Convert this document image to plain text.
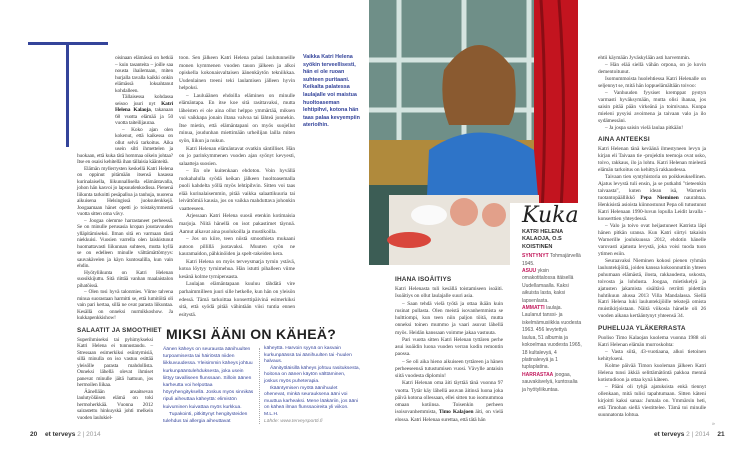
oisinaan elämässä on hetkiä – kuin tasanteita – joille saa nousta ihailemaan, miten hurjalla tavalla kaikki onkin elämässä loksahtanut kohdalleen.

Tällaisessa kohdassa seisoo juuri nyt Katri Helena Kalaoja, takanaan 68 vuotta elämää ja 50 vuotta taiteilijauraa.

– Koko ajan olen kokenut, että kaikessa on ollut selvä tarkoitus. Aika usein silti ihmettelen ja huokaan, että kuka tätä hommaa oikein johtaa? Itse en osaisi kehitellä ihan tällaisia käänteitä.

Elämän myllerrysten keskellä Katri Helena on oppinut pitämään itsensä kasassa kurinalaisella, liikunnallisella elämäntavalla, johon hän kasvoi jo lapsuudenkodissa. Pienenä liikunta tarkoitti pesäpalloa ja tanhuja, nuorena aikuisena Helsingissä juoksulenkkejä. Joogaamaan hänet opetti jo toistakymmentä vuotta sitten oma vävy.

– Joogaa olemme harrastaneet perheessä. Se on minulle perusasia kropan joustavuuden ylläpitämiseksi. Ilman sitä en varmaan tästä niekkuisi. Vuosien varrella olen laiskistunut huomattavasti liikunnan suhteen, mutta kyllä se on edelleen minulle välttämättömyys: sauvakävelen ja käyn kuntosalilla, kun vain ehdin.

Hyötyliikunta on Katri Helenan suosikkijuttu. Sitä riittää vanhan maalaistalon pihatöissä.

– Olen tosi hyvä talonmies. Viime talvena minua suorastaan harmitti se, että lumitöitä oli vain pari kertaa, sillä ne ovat parasta liikuntaa. Kesällä on onneksi nurmikkoshow. Ja kukkapenkkishow!

SALAATIT JA SMOOTHIET

Superihmiseksi tai pyhimykseksi Katri Helena ei tunnustaudu. – Stressaan esimerkiksi esiintymisiä, sillä minulla on iso vastuu esittää yleisölle parasta mahdollista. Onneksi lähellä olevat ihmiset panevat minulle jäitä hattuun, jos hermoilen liikaa.

Äänellään ansaitsevan laulutyöläisen elämä on toki hermoherkkää. Vuonna 2012 sairastettu hinkuyskä johti melkein vuoden laulukiel-

toon. Sen jälkeen Katri Helena palasi laulutunneille monen kymmenen vuoden tauon jälkeen ja alkoi opiskella kokonaisvaltaisen äänenkäytön tekniikkaa. Uudenlainen treeni teki laulamisen jälleen hyvin helpoksi.

– Lauluäänen ehdoilla eläminen on minulle elämäntapa. En itse koe sitä rasittavaksi, mutta läheisten ei ole aina ollut helppo ymmärtää, miksen voi vaikkapa jonain iltana valvoa tai lähteä jonnekin. Itse mietin, että elämäntapani on myös suojellut minua, joudunhan miettimään urheilijan lailla miten syön, liikun ja nukun.

Katri Helenan elämäntavat ovatkin säntilliset. Hän on jo parinkymmenen vuoden ajan syönyt kevyesti, salaatteja suosien.

– En ole kuitenkaan ehdoton. Voin hyvällä ruokahalulla syödä keikan jälkeen huoltoasemalla puoli kahdelta yöllä myös lehtipihvin. Sitten voi taas elää kurinalaisemmin, pitää vaikka salaattikuuria tai leivättömiä kausia, jos on vaikka mahduttava johonkin vaatteeseen.

Arjessaan Katri Helena suosii etenkin kotimaisia marjoja. Niitä hänellä on isot pakastimet täynnä. Aamut alkavat aina puolukoilla ja mustikoilla.

– Jos on kiire, teen niistä smoothieta mukaani autoon pillillä juotavaksi. Muuten syön ne kauramaidon, pähkinöiden ja spelt-rakeiden kera.

Katri Helena on myös terveysmarja tyrnin ystävä, kotoa löytyy tyrnimehua. Hän istutti pihalleen viime kesänä kolme tyrnipensasta.

Laulajan elämäntapaan kuuluu tähdätä vire parhaimmilleen juuri sille hetkelle, kun hän on yleisön edessä. Tämä tarkoittaa konserttipäivinä esimerkiksi sitä, että syödä pitää vähintään viisi tuntia ennen esitystä.

Vaikka Katri Helena syökin terveellisesti, hän ei ole ruoan suhteen puritaani. Keikalta palatessa laulajalle voi maistua huoltoaseman lehtipihvi, kotona hän taas palaa kevyempiin aterioihin.
MIKSI ÄÄNI ON KÄHEÄ?

Äänen käheys on seurausta äänihuulten turpoamisesta tai häiriöstä niiden liikkuvuudessa. Yleisimmin käheys johtuu kurkunpääntulehduksesta, joka usein liittyy tavalliseen flunssaan. Silloin äänen karheutta voi helpottaa höyryhengityksellä. Joskus myös sinnikäs ripuli aiheuttaa käheyttä: elimistön kuivuminen kuivattaa myös kurkkua.

Tupakointi, pitkittynyt hengitysteiden tulehdus tai allergia aiheuttavat

käheyttä. Harvoin syynä on kasvain kurkunpäässä tai äänihuulten tai -huulen halvaus.

Äänityöläisillä käheys johtuu rasituksesta, hoitona on äänen käytön välttäminen, joskus myös puheterapia.

Ikääntymisen myötä äänihuulet ohenevat, minkä seurauksena ääni voi muuttua karheaksi. Mene lääkäriin, jos ääni on käheä ilman flunssaoireita yli viikon. M.L.H.

Lähde: www.terveysportti.fi
20 et terveys 2 | 2014
IHANA ISOÄITIYS

Katri Helenasta tuli kesällä toistamiseen isoäiti. Isoäitiys on ollut laulajalle suuri asia.

– Saan tehdä vielä työtä ja ottaa ikään kuin rusinat pullasta. Olen meistä isovanhemmista se hulttiompi, kun teen niin paljon töitä, mutta onneksi toinen mummo ja vaari asuvat lähellä myös. Heidän kanssaan voimme jakaa vastuuta.

Pari vuotta sitten Katri Helenan tyttären perhe asui isoäidin luona vuoden verran kodin remontin paossa.

– Se oli aika hieno aikuiseen tyttäreen ja hänen perheeseensä tutustumisen vuosi. Vävylle antaisin siitä vuodesta diplomin!

Katri Helenan oma äiti täyttää tänä vuonna 97 vuotta. Tytär käy lähellä asuvan äitinsä luona joka päivä kotona ollessaan, ellei sitten tuo isomummoa omaan kotiinsa. Toisenkin perheen isoisovanhemmista, Timo Kalajoen äiti, on vielä elossa. Katri Helenaa surettaa, että tätä hän

Kuka
KATRI HELENA KALAOJA, O.S KOISTINEN
SYNTYNYT Tohmajärvellä 1945.
ASUU yksin omakotitalossa itäisellä Uudellamaalla. Kaksi aikuista lasta, kaksi lapsenlasta.
AMMATTI laulaja. Laulanut tanssi- ja iskelmämusiikkia vuodesta 1963. 456 levytettyä laulua, 51 albumia ja kokoelmaa vuodesta 1965, 18 kultalevyä, 4 platinalevyä ja 1 tuplaplatina.
HARRASTAA joogaa, sauvakävelyä, kuntosalia ja hyötyliikuntaa.

ehtii käymään Jyväskylään asti harvemmin.

– Hän elää siellä vähän orpona, on jo kovin dementoitunut.

Isomummoista huolehtiessa Katri Helenalle on seljennyt se, mitä hän loppuelämältään toivoo:

– Vanhuuden fyysiset kremppat pystyn varmasti hyväksymään, mutta olisi ihanaa, jos saisin pitää pään virkeänä ja toimivana. Kunpa mieleni pysyisi avoimena ja taivaan valo ja ilo sydämessäni.

– Ja jospa saisin vielä laulaa pitkään!

AINA ANTEEKSI

Katri Helenan tänä keväänä ilmestyneen levyn ja kirjan eli Taivaan tie -projektin teemoja ovat usko, toivo, rakkaus, ilo ja lohtu. Katri Helenan mielestä elämän tarkoitus on kehittyä rakkaudessa.

Taivaan tien syntyhistoria on poikkeuksellinen. Ajatus levystä tuli ensin, ja se putkahti "tieteenkin taivaasta", kuten idean isä, Warnerin tuotantopäällikkö Pepa Nieminen naurahtaa. Henkisistä asioista kiinnostunut Pepa oli tutustunut Katri Helenaan 1990-luvun lopulla Leidit lavalla -konserttien yhteydessä.

– Valo ja toivo ovat heijastuneet Katrista läpi hänen pitkän uransa. Kun Katri siirtyi takaisin Warnerille joulukuussa 2012, ehdotin hänelle varovasti ajatusta levystä, joka voisi tuoda tuon ytimen esiin.

Seuraavaksi Nieminen kokosi pienen ryhmän lauluntekijöitä, joiden kanssa kokoonnuttiin yhteen puhumaan elämästä, ilosta, rakkaudesta, uskosta, toivosta ja lohdusta. Joogaa, mietiskelyä ja ajatusten jakamista sisältävä retriitti pidettiin huhtikuun alussa 2013 Villa Mandalassa. Siellä Katri Helena luki lauluntekijöille tekstejä omista muistikirjoistaan. Näitä viikosia hänelle oli 26 vuoden aikana kertääntynyt yhteensä 34.

PUHELUJA YLÄKERRASTA

Puoliso Timo Kalaojan kuolema vuonna 1988 oli Katri Helenan elämän murroskohta:

– Vasta siitä, 43-vuotiaana, alkoi tietoinen kehitykseni.

Kolme päivää Timon kuoleman jälkeen Katri Helena tunsi äkkiä selittämätöntä pakkoa mennä kotistudioon ja ottaa kynä käteen.

– Pääni oli tyhjä ajatuksista enkä tiennyt ollenkaan, mitä tulisi tapahtumaan. Sitten käteni kirjoitti kaksi sanaa: Jumala on. Ymmärsin heti, että Timohan siellä viestittelee. Tämä toi minulle suunnatonta lohtua.

»
et terveys 2 | 2014 21
